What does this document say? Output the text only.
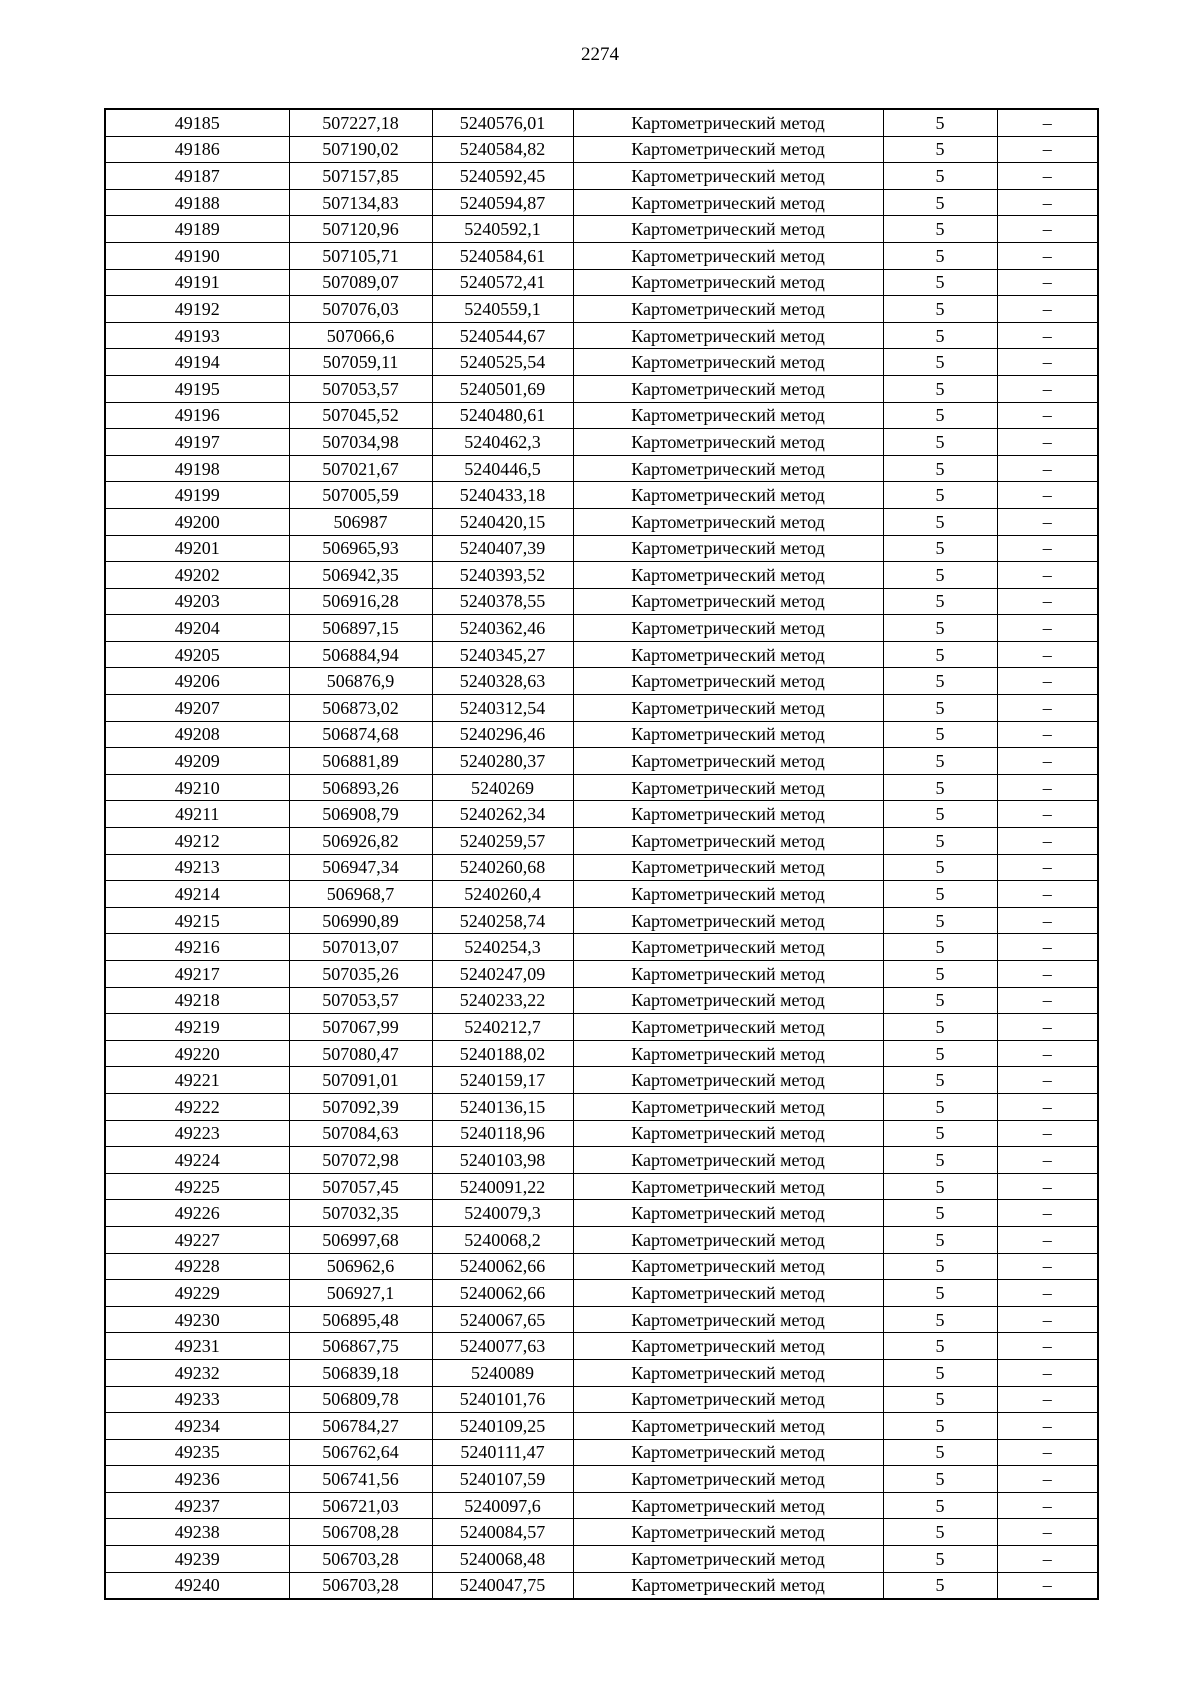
2274
49185	507227,18	5240576,01	Картометрический метод	5	–
49186	507190,02	5240584,82	Картометрический метод	5	–
49187	507157,85	5240592,45	Картометрический метод	5	–
49188	507134,83	5240594,87	Картометрический метод	5	–
49189	507120,96	5240592,1	Картометрический метод	5	–
49190	507105,71	5240584,61	Картометрический метод	5	–
49191	507089,07	5240572,41	Картометрический метод	5	–
49192	507076,03	5240559,1	Картометрический метод	5	–
49193	507066,6	5240544,67	Картометрический метод	5	–
49194	507059,11	5240525,54	Картометрический метод	5	–
49195	507053,57	5240501,69	Картометрический метод	5	–
49196	507045,52	5240480,61	Картометрический метод	5	–
49197	507034,98	5240462,3	Картометрический метод	5	–
49198	507021,67	5240446,5	Картометрический метод	5	–
49199	507005,59	5240433,18	Картометрический метод	5	–
49200	506987	5240420,15	Картометрический метод	5	–
49201	506965,93	5240407,39	Картометрический метод	5	–
49202	506942,35	5240393,52	Картометрический метод	5	–
49203	506916,28	5240378,55	Картометрический метод	5	–
49204	506897,15	5240362,46	Картометрический метод	5	–
49205	506884,94	5240345,27	Картометрический метод	5	–
49206	506876,9	5240328,63	Картометрический метод	5	–
49207	506873,02	5240312,54	Картометрический метод	5	–
49208	506874,68	5240296,46	Картометрический метод	5	–
49209	506881,89	5240280,37	Картометрический метод	5	–
49210	506893,26	5240269	Картометрический метод	5	–
49211	506908,79	5240262,34	Картометрический метод	5	–
49212	506926,82	5240259,57	Картометрический метод	5	–
49213	506947,34	5240260,68	Картометрический метод	5	–
49214	506968,7	5240260,4	Картометрический метод	5	–
49215	506990,89	5240258,74	Картометрический метод	5	–
49216	507013,07	5240254,3	Картометрический метод	5	–
49217	507035,26	5240247,09	Картометрический метод	5	–
49218	507053,57	5240233,22	Картометрический метод	5	–
49219	507067,99	5240212,7	Картометрический метод	5	–
49220	507080,47	5240188,02	Картометрический метод	5	–
49221	507091,01	5240159,17	Картометрический метод	5	–
49222	507092,39	5240136,15	Картометрический метод	5	–
49223	507084,63	5240118,96	Картометрический метод	5	–
49224	507072,98	5240103,98	Картометрический метод	5	–
49225	507057,45	5240091,22	Картометрический метод	5	–
49226	507032,35	5240079,3	Картометрический метод	5	–
49227	506997,68	5240068,2	Картометрический метод	5	–
49228	506962,6	5240062,66	Картометрический метод	5	–
49229	506927,1	5240062,66	Картометрический метод	5	–
49230	506895,48	5240067,65	Картометрический метод	5	–
49231	506867,75	5240077,63	Картометрический метод	5	–
49232	506839,18	5240089	Картометрический метод	5	–
49233	506809,78	5240101,76	Картометрический метод	5	–
49234	506784,27	5240109,25	Картометрический метод	5	–
49235	506762,64	5240111,47	Картометрический метод	5	–
49236	506741,56	5240107,59	Картометрический метод	5	–
49237	506721,03	5240097,6	Картометрический метод	5	–
49238	506708,28	5240084,57	Картометрический метод	5	–
49239	506703,28	5240068,48	Картометрический метод	5	–
49240	506703,28	5240047,75	Картометрический метод	5	–
